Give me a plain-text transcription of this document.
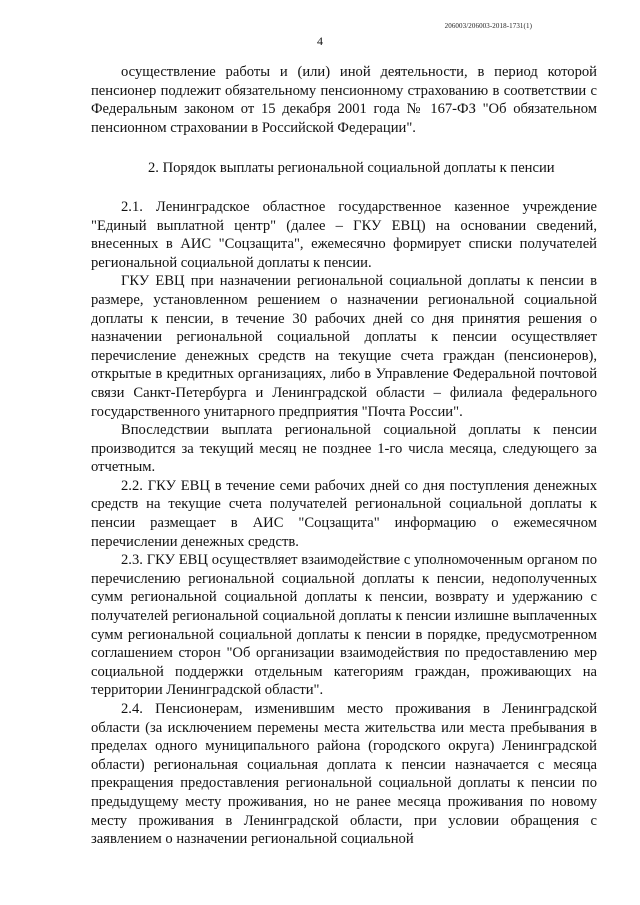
206003/206003-2018-1731(1)
4

осуществление работы и (или) иной деятельности, в период которой пенсионер подлежит обязательному пенсионному страхованию в соответствии с Федеральным законом от 15 декабря 2001 года № 167-ФЗ "Об обязательном пенсионном страховании в Российской Федерации".

2. Порядок выплаты региональной социальной доплаты к пенсии

2.1. Ленинградское областное государственное казенное учреждение "Единый выплатной центр" (далее – ГКУ ЕВЦ) на основании сведений, внесенных в АИС "Соцзащита", ежемесячно формирует списки получателей региональной социальной доплаты к пенсии.

ГКУ ЕВЦ при назначении региональной социальной доплаты к пенсии в размере, установленном решением о назначении региональной социальной доплаты к пенсии, в течение 30 рабочих дней со дня принятия решения о назначении региональной социальной доплаты к пенсии осуществляет перечисление денежных средств на текущие счета граждан (пенсионеров), открытые в кредитных организациях, либо в Управление Федеральной почтовой связи Санкт-Петербурга и Ленинградской области – филиала федерального государственного унитарного предприятия "Почта России".

Впоследствии выплата региональной социальной доплаты к пенсии производится за текущий месяц не позднее 1-го числа месяца, следующего за отчетным.

2.2. ГКУ ЕВЦ в течение семи рабочих дней со дня поступления денежных средств на текущие счета получателей региональной социальной доплаты к пенсии размещает в АИС "Соцзащита" информацию о ежемесячном перечислении денежных средств.

2.3. ГКУ ЕВЦ осуществляет взаимодействие с уполномоченным органом по перечислению региональной социальной доплаты к пенсии, недополученных сумм региональной социальной доплаты к пенсии, возврату и удержанию с получателей региональной социальной доплаты к пенсии излишне выплаченных сумм региональной социальной доплаты к пенсии в порядке, предусмотренном соглашением сторон "Об организации взаимодействия по предоставлению мер социальной поддержки отдельным категориям граждан, проживающих на территории Ленинградской области".

2.4. Пенсионерам, изменившим место проживания в Ленинградской области (за исключением перемены места жительства или места пребывания в пределах одного муниципального района (городского округа) Ленинградской области) региональная социальная доплата к пенсии назначается с месяца прекращения предоставления региональной социальной доплаты к пенсии по предыдущему месту проживания, но не ранее месяца проживания по новому месту проживания в Ленинградской области, при условии обращения с заявлением о назначении региональной социальной
